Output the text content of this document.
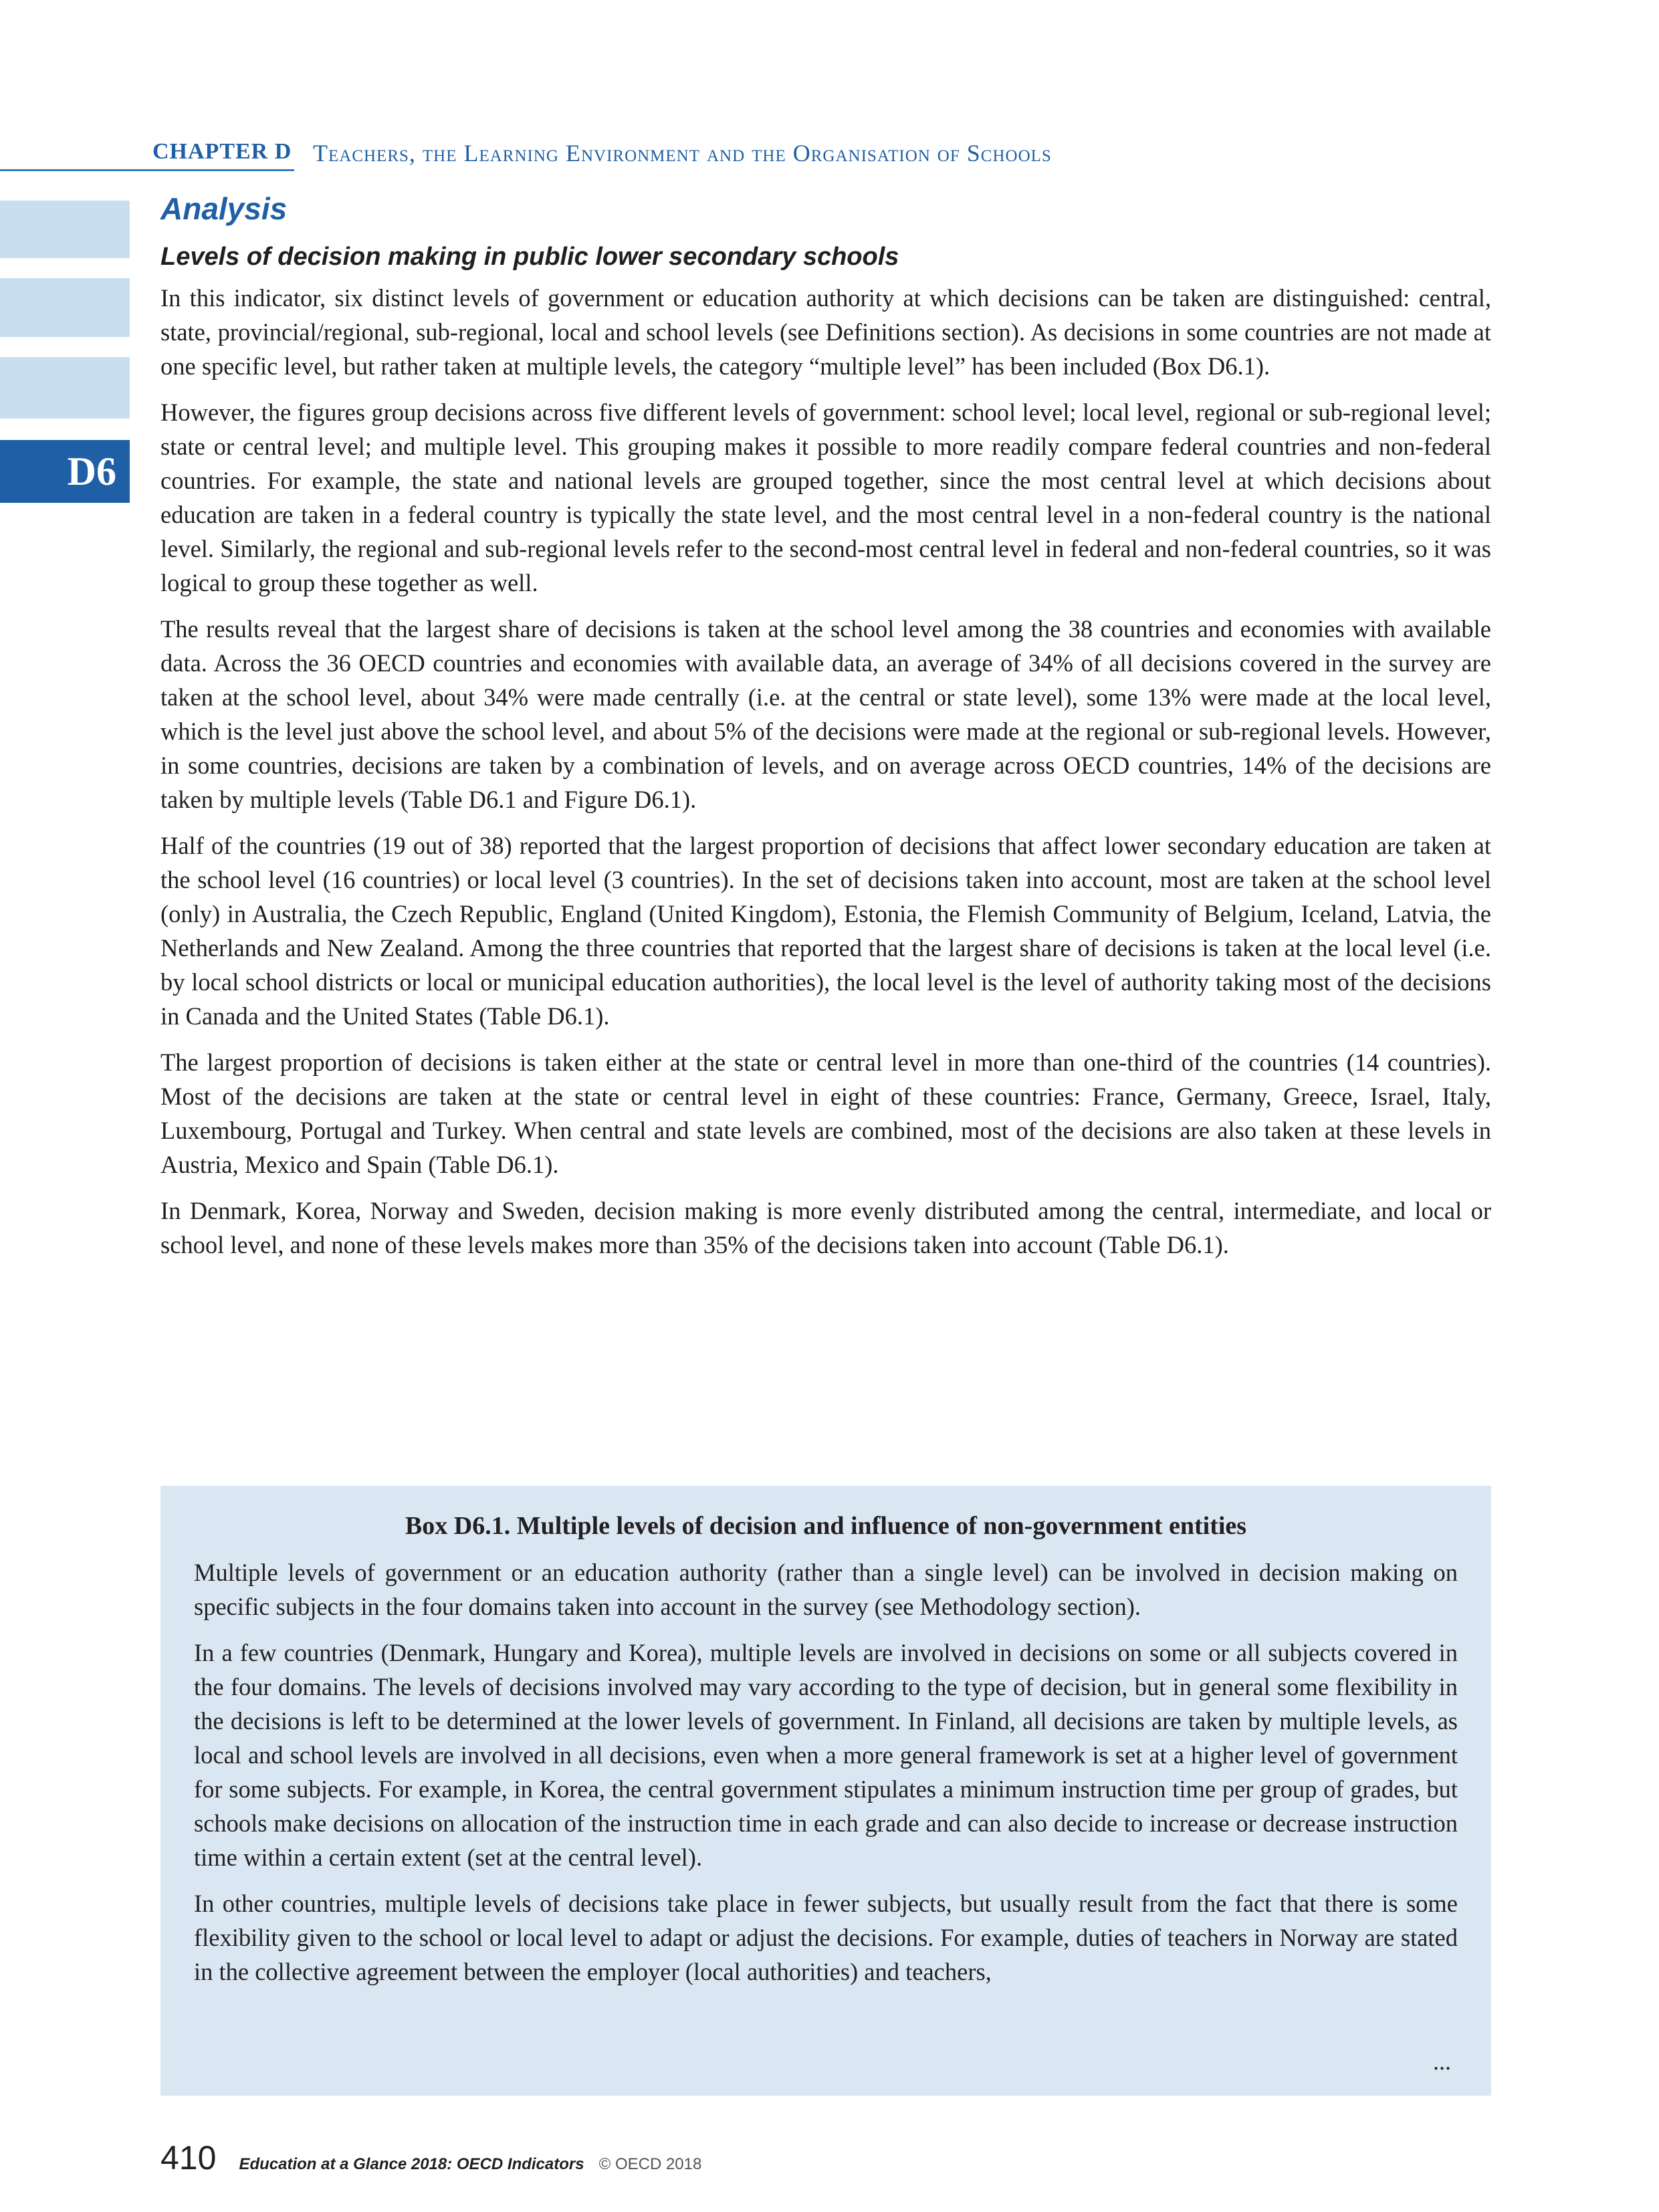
CHAPTER D Teachers, the Learning Environment and the Organisation of Schools
D6
Analysis
Levels of decision making in public lower secondary schools

In this indicator, six distinct levels of government or education authority at which decisions can be taken are distinguished: central, state, provincial/regional, sub-regional, local and school levels (see Definitions section). As decisions in some countries are not made at one specific level, but rather taken at multiple levels, the category “multiple level” has been included (Box D6.1).

However, the figures group decisions across five different levels of government: school level; local level, regional or sub-regional level; state or central level; and multiple level. This grouping makes it possible to more readily compare federal countries and non-federal countries. For example, the state and national levels are grouped together, since the most central level at which decisions about education are taken in a federal country is typically the state level, and the most central level in a non-federal country is the national level. Similarly, the regional and sub-regional levels refer to the second-most central level in federal and non-federal countries, so it was logical to group these together as well.

The results reveal that the largest share of decisions is taken at the school level among the 38 countries and economies with available data. Across the 36 OECD countries and economies with available data, an average of 34% of all decisions covered in the survey are taken at the school level, about 34% were made centrally (i.e. at the central or state level), some 13% were made at the local level, which is the level just above the school level, and about 5% of the decisions were made at the regional or sub-regional levels. However, in some countries, decisions are taken by a combination of levels, and on average across OECD countries, 14% of the decisions are taken by multiple levels (Table D6.1 and Figure D6.1).

Half of the countries (19 out of 38) reported that the largest proportion of decisions that affect lower secondary education are taken at the school level (16 countries) or local level (3 countries). In the set of decisions taken into account, most are taken at the school level (only) in Australia, the Czech Republic, England (United Kingdom), Estonia, the Flemish Community of Belgium, Iceland, Latvia, the Netherlands and New Zealand. Among the three countries that reported that the largest share of decisions is taken at the local level (i.e. by local school districts or local or municipal education authorities), the local level is the level of authority taking most of the decisions in Canada and the United States (Table D6.1).

The largest proportion of decisions is taken either at the state or central level in more than one-third of the countries (14 countries). Most of the decisions are taken at the state or central level in eight of these countries: France, Germany, Greece, Israel, Italy, Luxembourg, Portugal and Turkey. When central and state levels are combined, most of the decisions are also taken at these levels in Austria, Mexico and Spain (Table D6.1).

In Denmark, Korea, Norway and Sweden, decision making is more evenly distributed among the central, intermediate, and local or school level, and none of these levels makes more than 35% of the decisions taken into account (Table D6.1).

Box D6.1. Multiple levels of decision and influence of non-government entities

Multiple levels of government or an education authority (rather than a single level) can be involved in decision making on specific subjects in the four domains taken into account in the survey (see Methodology section).

In a few countries (Denmark, Hungary and Korea), multiple levels are involved in decisions on some or all subjects covered in the four domains. The levels of decisions involved may vary according to the type of decision, but in general some flexibility in the decisions is left to be determined at the lower levels of government. In Finland, all decisions are taken by multiple levels, as local and school levels are involved in all decisions, even when a more general framework is set at a higher level of government for some subjects. For example, in Korea, the central government stipulates a minimum instruction time per group of grades, but schools make decisions on allocation of the instruction time in each grade and can also decide to increase or decrease instruction time within a certain extent (set at the central level).

In other countries, multiple levels of decisions take place in fewer subjects, but usually result from the fact that there is some flexibility given to the school or local level to adapt or adjust the decisions. For example, duties of teachers in Norway are stated in the collective agreement between the employer (local authorities) and teachers,

...
410 Education at a Glance 2018: OECD Indicators © OECD 2018
